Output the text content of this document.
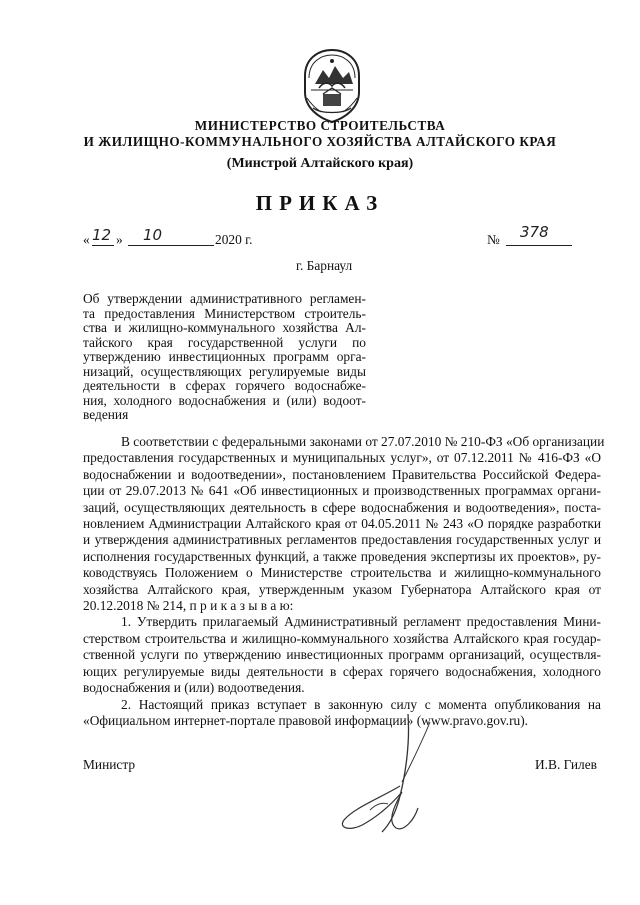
МИНИСТЕРСТВО СТРОИТЕЛЬСТВА
И ЖИЛИЩНО-КОММУНАЛЬНОГО ХОЗЯЙСТВА АЛТАЙСКОГО КРАЯ
(Минстрой Алтайского края)
ПРИКАЗ
« 12 » 10	2020 г.	№ 378
г. Барнаул
Об утверждении административного регламен-
та предоставления Министерством строитель-
ства и жилищно-коммунального хозяйства Ал-
тайского края государственной услуги по
утверждению инвестиционных программ орга-
низаций, осуществляющих регулируемые виды
деятельности в сферах горячего водоснабже-
ния, холодного водоснабжения и (или) водоот-
ведения

В соответствии с федеральными законами от 27.07.2010 № 210-ФЗ «Об организации
предоставления государственных и муниципальных услуг», от 07.12.2011 № 416-ФЗ «О
водоснабжении и водоотведении», постановлением Правительства Российской Федера-
ции от 29.07.2013 № 641 «Об инвестиционных и производственных программах органи-
заций, осуществляющих деятельность в сфере водоснабжения и водоотведения», поста-
новлением Администрации Алтайского края от 04.05.2011 № 243 «О порядке разработки
и утверждения административных регламентов предоставления государственных услуг и
исполнения государственных функций, а также проведения экспертизы их проектов», ру-
ководствуясь Положением о Министерстве строительства и жилищно-коммунального
хозяйства Алтайского края, утвержденным указом Губернатора Алтайского края от
20.12.2018 № 214, п р и к а з ы в а ю:

1. Утвердить прилагаемый Административный регламент предоставления Мини-
стерством строительства и жилищно-коммунального хозяйства Алтайского края государ-
ственной услуги по утверждению инвестиционных программ организаций, осуществля-
ющих регулируемые виды деятельности в сферах горячего водоснабжения, холодного
водоснабжения и (или) водоотведения.

2. Настоящий приказ вступает в законную силу с момента опубликования на
«Официальном интернет-портале правовой информации» (www.pravo.gov.ru).

Министр	И.В. Гилев
